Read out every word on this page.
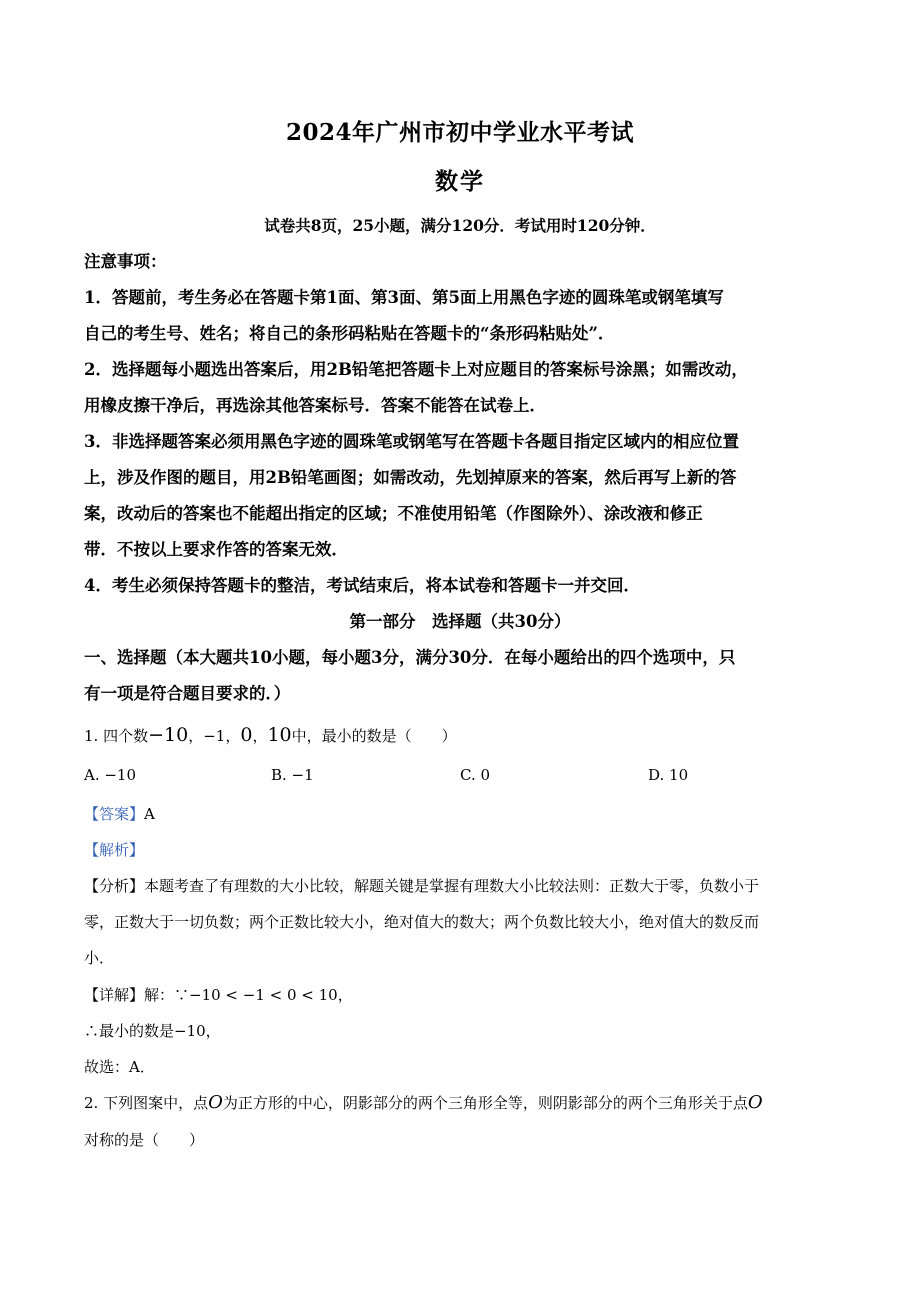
2024年广州市初中学业水平考试
数学
试卷共8页，25小题，满分120分．考试用时120分钟．
注意事项：
1．答题前，考生务必在答题卡第1面、第3面、第5面上用黑色字迹的圆珠笔或钢笔填写
自己的考生号、姓名；将自己的条形码粘贴在答题卡的“条形码粘贴处”．
2．选择题每小题选出答案后，用2B铅笔把答题卡上对应题目的答案标号涂黑；如需改动，
用橡皮擦干净后，再选涂其他答案标号．答案不能答在试卷上．
3．非选择题答案必须用黑色字迹的圆珠笔或钢笔写在答题卡各题目指定区域内的相应位置
上，涉及作图的题目，用2B铅笔画图；如需改动，先划掉原来的答案，然后再写上新的答
案，改动后的答案也不能超出指定的区域；不准使用铅笔（作图除外）、涂改液和修正
带．不按以上要求作答的答案无效．
4．考生必须保持答题卡的整洁，考试结束后，将本试卷和答题卡一并交回．
第一部分　选择题（共30分）
一、选择题（本大题共10小题，每小题3分，满分30分．在每小题给出的四个选项中，只
有一项是符合题目要求的．）
1. 四个数−10，−1，0，10中，最小的数是（　　）
A. −10	B. −1	C. 0	D. 10
【答案】A
【解析】
【分析】本题考查了有理数的大小比较，解题关键是掌握有理数大小比较法则：正数大于零，负数小于
零，正数大于一切负数；两个正数比较大小，绝对值大的数大；两个负数比较大小，绝对值大的数反而
小．
【详解】解：∵−10 < −1 < 0 < 10，
∴最小的数是−10，
故选：A．
2. 下列图案中，点O为正方形的中心，阴影部分的两个三角形全等，则阴影部分的两个三角形关于点O
对称的是（　　）
